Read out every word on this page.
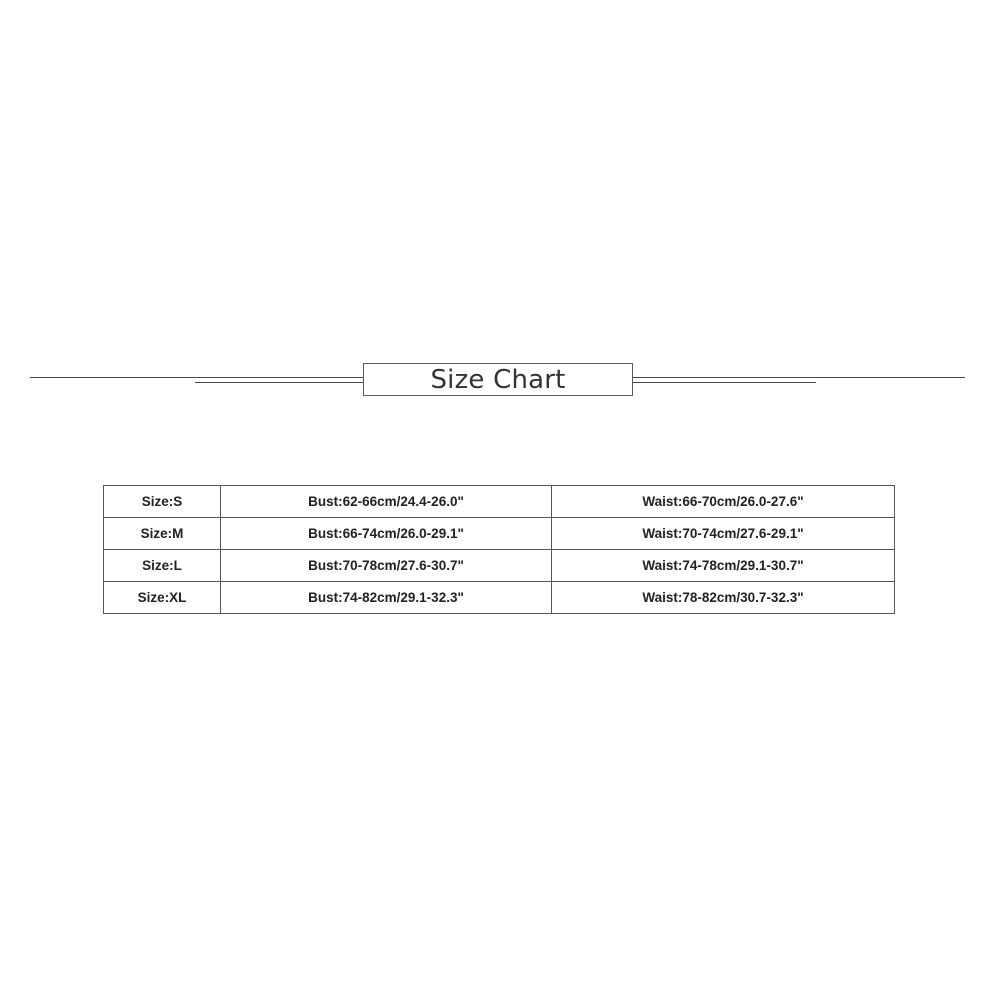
Size Chart
Size:S	Bust:62-66cm/24.4-26.0"	Waist:66-70cm/26.0-27.6"
Size:M	Bust:66-74cm/26.0-29.1"	Waist:70-74cm/27.6-29.1"
Size:L	Bust:70-78cm/27.6-30.7"	Waist:74-78cm/29.1-30.7"
Size:XL	Bust:74-82cm/29.1-32.3"	Waist:78-82cm/30.7-32.3"
